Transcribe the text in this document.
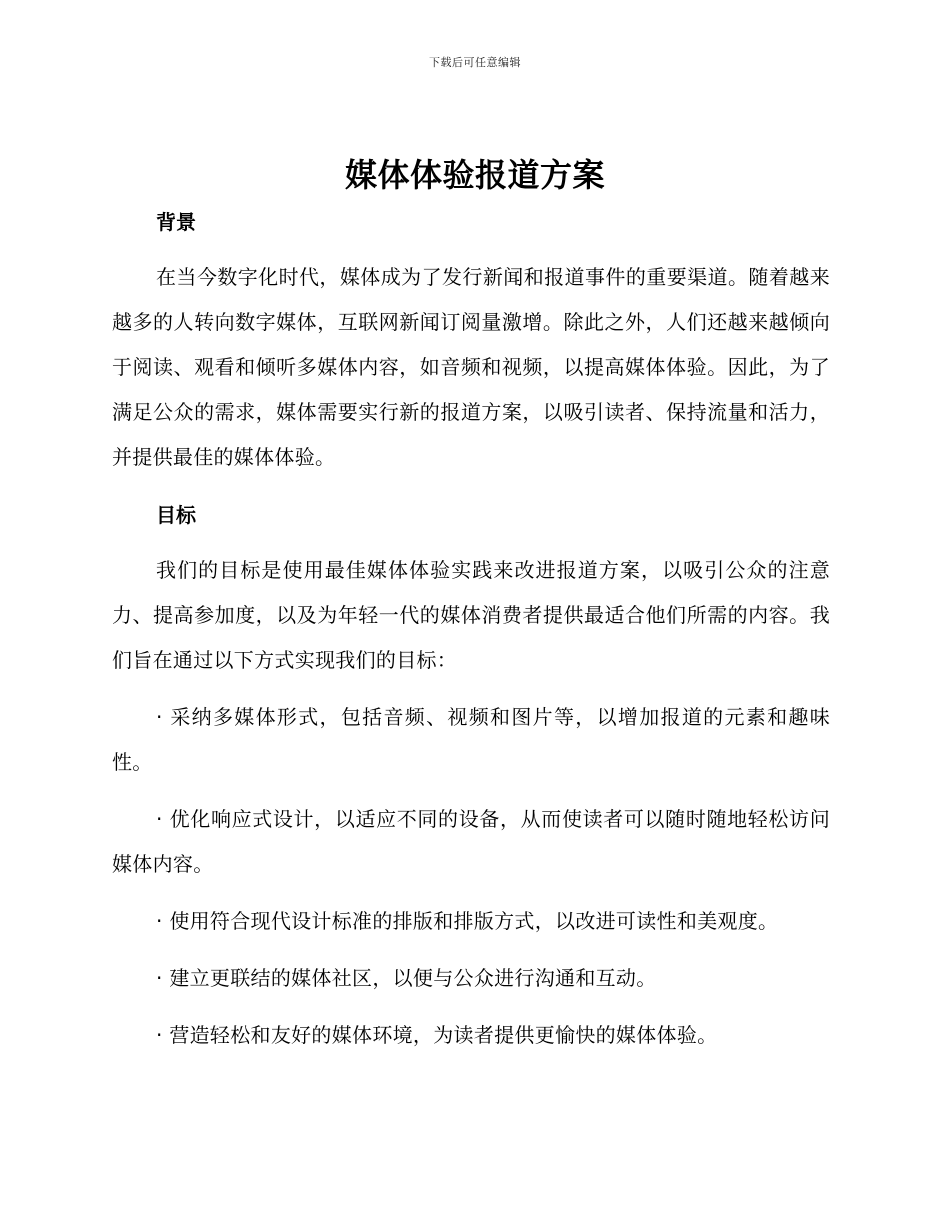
下载后可任意编辑
媒体体验报道方案
背景

在当今数字化时代，媒体成为了发行新闻和报道事件的重要渠道。随着越来越多的人转向数字媒体，互联网新闻订阅量激增。除此之外，人们还越来越倾向于阅读、观看和倾听多媒体内容，如音频和视频，以提高媒体体验。因此，为了满足公众的需求，媒体需要实行新的报道方案，以吸引读者、保持流量和活力，并提供最佳的媒体体验。

目标

我们的目标是使用最佳媒体体验实践来改进报道方案，以吸引公众的注意力、提高参加度，以及为年轻一代的媒体消费者提供最适合他们所需的内容。我们旨在通过以下方式实现我们的目标：

· 采纳多媒体形式，包括音频、视频和图片等，以增加报道的元素和趣味性。

· 优化响应式设计，以适应不同的设备，从而使读者可以随时随地轻松访问媒体内容。

· 使用符合现代设计标准的排版和排版方式，以改进可读性和美观度。

· 建立更联结的媒体社区，以便与公众进行沟通和互动。

· 营造轻松和友好的媒体环境，为读者提供更愉快的媒体体验。
